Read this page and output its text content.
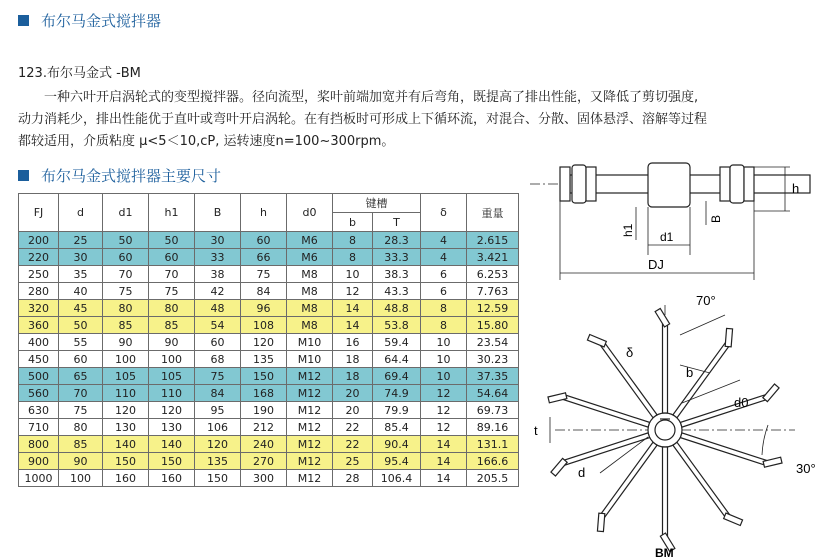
布尔马金式搅拌器
123.布尔马金式 -BM
一种六叶开启涡轮式的变型搅拌器。径向流型，桨叶前端加宽并有后弯角，既提高了排出性能，又降低了剪切强度,
动力消耗少，排出性能优于直叶或弯叶开启涡轮。在有挡板时可形成上下循环流，对混合、分散、固体悬浮、溶解等过程
都较适用，介质粘度 μ<5＜10,cP, 运转速度n=100~300rpm。
布尔马金式搅拌器主要尺寸
FJ	d	d1	h1	B	h	d0	键槽		δ	重量
							b	T		
200	25	50	50	30	60	M6	8	28.3	4	2.615
220	30	60	60	33	66	M6	8	33.3	4	3.421
250	35	70	70	38	75	M8	10	38.3	6	6.253
280	40	75	75	42	84	M8	12	43.3	6	7.763
320	45	80	80	48	96	M8	14	48.8	8	12.59
360	50	85	85	54	108	M8	14	53.8	8	15.80
400	55	90	90	60	120	M10	16	59.4	10	23.54
450	60	100	100	68	135	M10	18	64.4	10	30.23
500	65	105	105	75	150	M12	18	69.4	10	37.35
560	70	110	110	84	168	M12	20	74.9	12	54.64
630	75	120	120	95	190	M12	20	79.9	12	69.73
710	80	130	130	106	212	M12	22	85.4	12	89.16
800	85	140	140	120	240	M12	22	90.4	14	131.1
900	90	150	150	135	270	M12	25	95.4	14	166.6
1000	100	160	160	150	300	M12	28	106.4	14	205.5
h
h1 d1
B
DJ
70°
δ
b
d0
t
d	30°
BM
